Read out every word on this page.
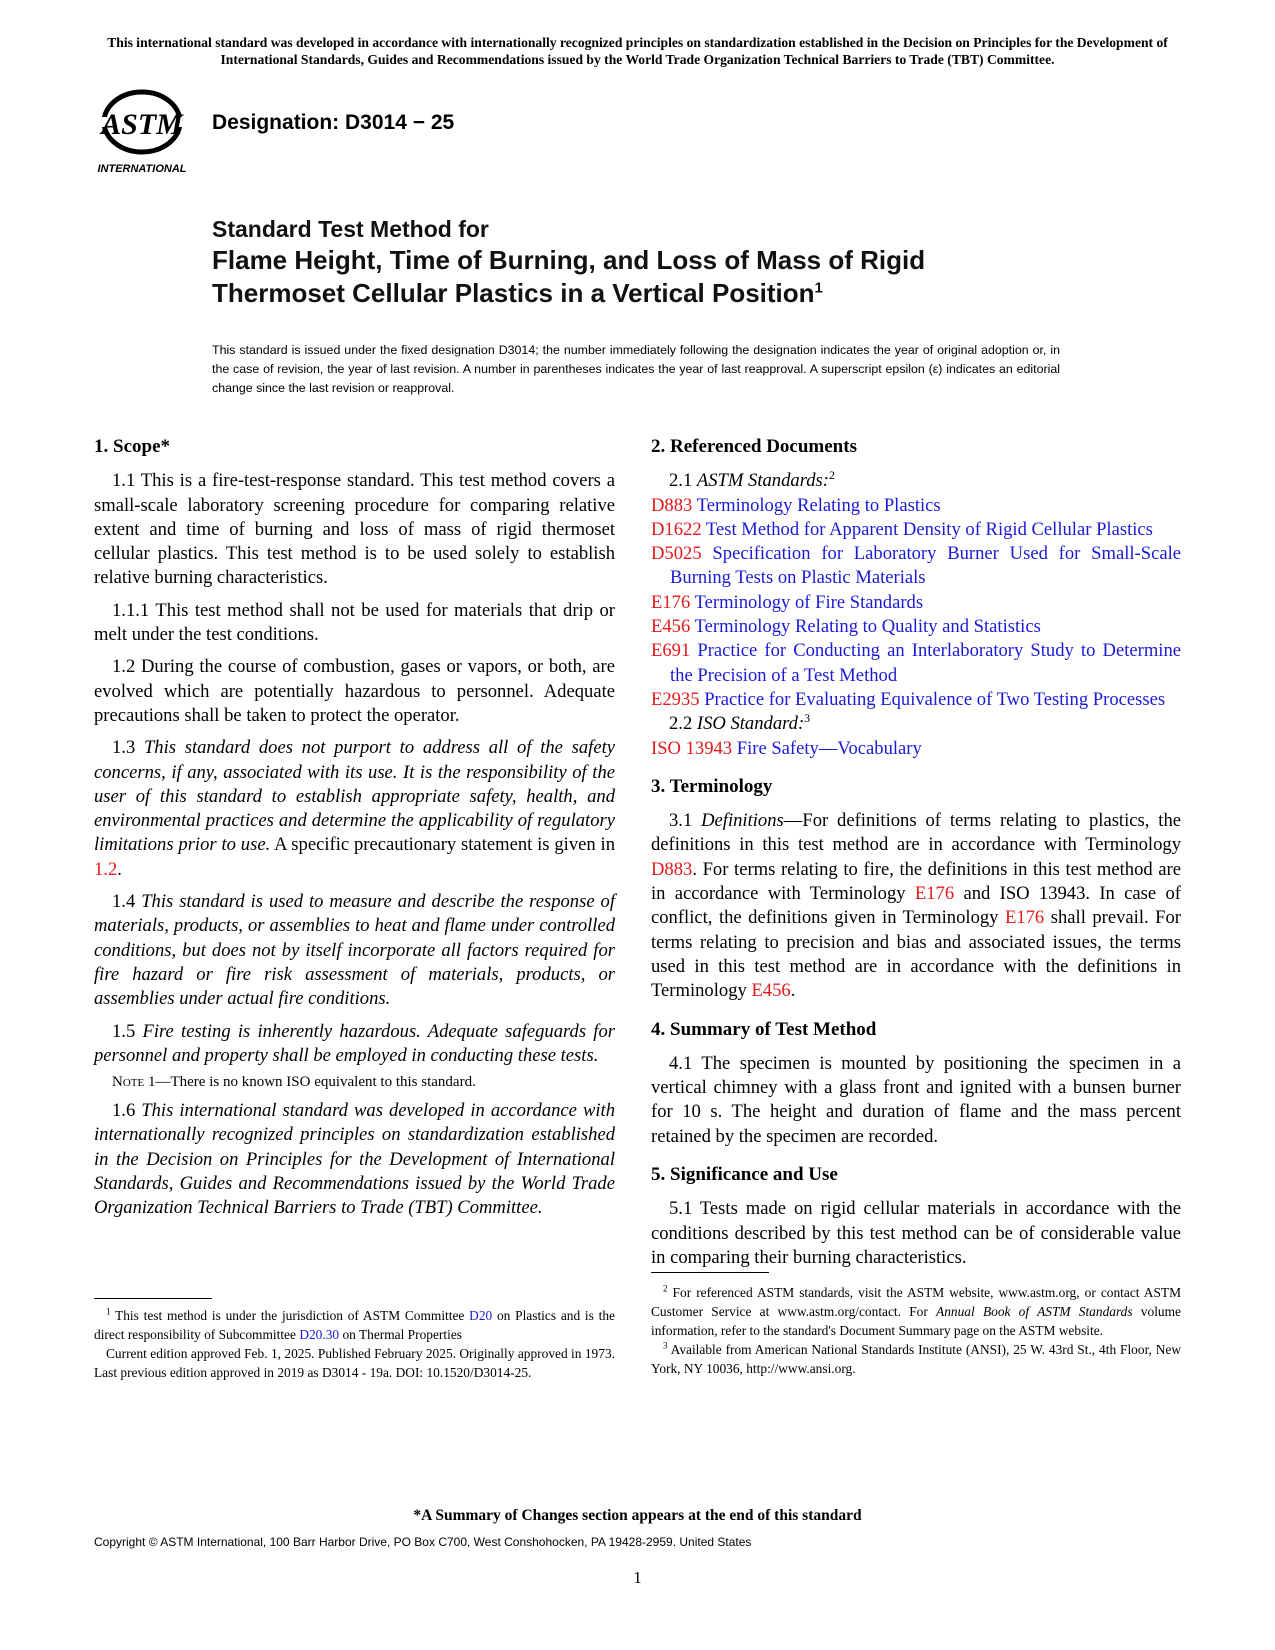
This international standard was developed in accordance with internationally recognized principles on standardization established in the Decision on Principles for the Development of International Standards, Guides and Recommendations issued by the World Trade Organization Technical Barriers to Trade (TBT) Committee.
ASTM
INTERNATIONAL
Designation: D3014 − 25
Standard Test Method for
Flame Height, Time of Burning, and Loss of Mass of Rigid
Thermoset Cellular Plastics in a Vertical Position$^1$
This standard is issued under the fixed designation D3014; the number immediately following the designation indicates the year of original adoption or, in the case of revision, the year of last revision. A number in parentheses indicates the year of last reapproval. A superscript epsilon (ε) indicates an editorial change since the last revision or reapproval.
1. Scope*

1.1 This is a fire-test-response standard. This test method covers a small-scale laboratory screening procedure for comparing relative extent and time of burning and loss of mass of rigid thermoset cellular plastics. This test method is to be used solely to establish relative burning characteristics.

1.1.1 This test method shall not be used for materials that drip or melt under the test conditions.

1.2 During the course of combustion, gases or vapors, or both, are evolved which are potentially hazardous to personnel. Adequate precautions shall be taken to protect the operator.

1.3 This standard does not purport to address all of the safety concerns, if any, associated with its use. It is the responsibility of the user of this standard to establish appropriate safety, health, and environmental practices and determine the applicability of regulatory limitations prior to use. A specific precautionary statement is given in 1.2.

1.4 This standard is used to measure and describe the response of materials, products, or assemblies to heat and flame under controlled conditions, but does not by itself incorporate all factors required for fire hazard or fire risk assessment of materials, products, or assemblies under actual fire conditions.

1.5 Fire testing is inherently hazardous. Adequate safeguards for personnel and property shall be employed in conducting these tests.

Note 1—There is no known ISO equivalent to this standard.

1.6 This international standard was developed in accordance with internationally recognized principles on standardization established in the Decision on Principles for the Development of International Standards, Guides and Recommendations issued by the World Trade Organization Technical Barriers to Trade (TBT) Committee.

2. Referenced Documents

2.1 ASTM Standards:$^2$

D883 Terminology Relating to Plastics
D1622 Test Method for Apparent Density of Rigid Cellular Plastics
D5025 Specification for Laboratory Burner Used for Small-Scale Burning Tests on Plastic Materials
E176 Terminology of Fire Standards
E456 Terminology Relating to Quality and Statistics
E691 Practice for Conducting an Interlaboratory Study to Determine the Precision of a Test Method
E2935 Practice for Evaluating Equivalence of Two Testing Processes

2.2 ISO Standard:$^3$

ISO 13943 Fire Safety—Vocabulary
3. Terminology

3.1 Definitions—For definitions of terms relating to plastics, the definitions in this test method are in accordance with Terminology D883. For terms relating to fire, the definitions in this test method are in accordance with Terminology E176 and ISO 13943. In case of conflict, the definitions given in Terminology E176 shall prevail. For terms relating to precision and bias and associated issues, the terms used in this test method are in accordance with the definitions in Terminology E456.

4. Summary of Test Method

4.1 The specimen is mounted by positioning the specimen in a vertical chimney with a glass front and ignited with a bunsen burner for 10 s. The height and duration of flame and the mass percent retained by the specimen are recorded.

5. Significance and Use

5.1 Tests made on rigid cellular materials in accordance with the conditions described by this test method can be of considerable value in comparing their burning characteristics.

$^1$ This test method is under the jurisdiction of ASTM Committee D20 on Plastics and is the direct responsibility of Subcommittee D20.30 on Thermal Properties

Current edition approved Feb. 1, 2025. Published February 2025. Originally approved in 1973. Last previous edition approved in 2019 as D3014 - 19a. DOI: 10.1520/D3014-25.

$^2$ For referenced ASTM standards, visit the ASTM website, www.astm.org, or contact ASTM Customer Service at www.astm.org/contact. For Annual Book of ASTM Standards volume information, refer to the standard's Document Summary page on the ASTM website.

$^3$ Available from American National Standards Institute (ANSI), 25 W. 43rd St., 4th Floor, New York, NY 10036, http://www.ansi.org.

*A Summary of Changes section appears at the end of this standard
Copyright © ASTM International, 100 Barr Harbor Drive, PO Box C700, West Conshohocken, PA 19428-2959. United States
1
